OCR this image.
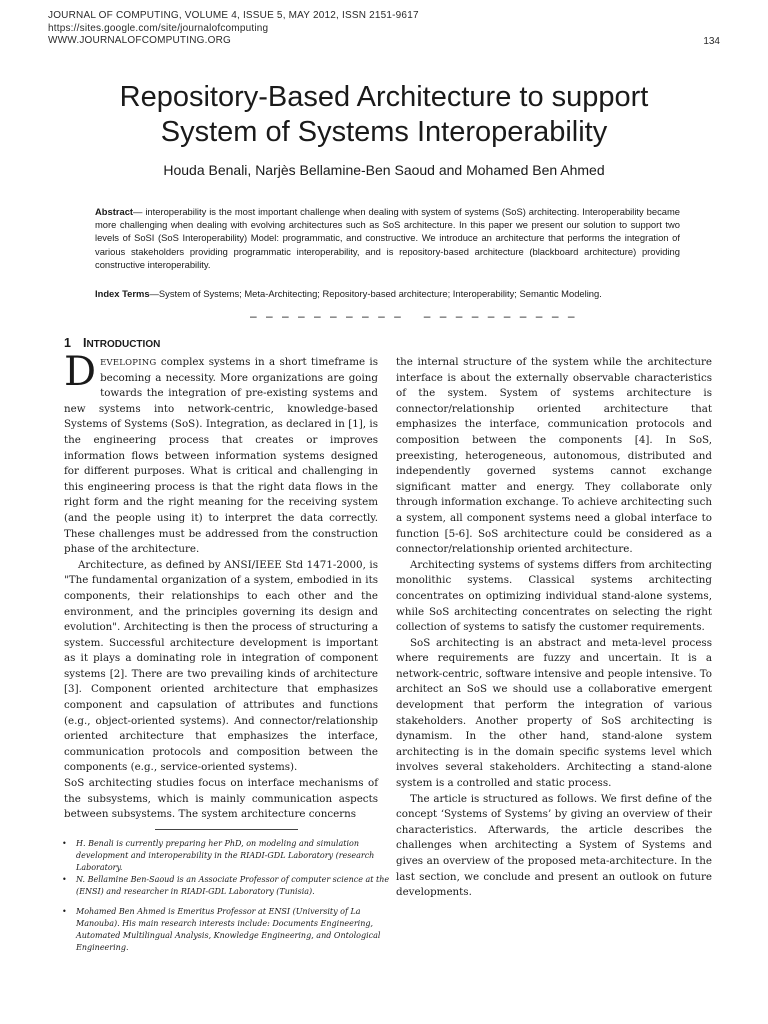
JOURNAL OF COMPUTING, VOLUME 4, ISSUE 5, MAY 2012, ISSN 2151-9617
https://sites.google.com/site/journalofcomputing
WWW.JOURNALOFCOMPUTING.ORG	134
Repository-Based Architecture to support
System of Systems Interoperability
Houda Benali, Narjès Bellamine-Ben Saoud and Mohamed Ben Ahmed
Abstract— interoperability is the most important challenge when dealing with system of systems (SoS) architecting. Interoperability became more challenging when dealing with evolving architectures such as SoS architecture. In this paper we present our solution to support two levels of SoSI (SoS Interoperability) Model: programmatic, and constructive. We introduce an architecture that performs the integration of various stakeholders providing programmatic interoperability, and is repository-based architecture (blackboard architecture) providing constructive interoperability.
Index Terms—System of Systems; Meta-Architecting; Repository-based architecture; Interoperability; Semantic Modeling.
– – – – – – – – – – – – – – – – – – – –
1 INTRODUCTION

DEVELOPING complex systems in a short timeframe is becoming a necessity. More organizations are going towards the integration of pre-existing systems and new systems into network-centric, knowledge-based Systems of Systems (SoS). Integration, as declared in [1], is the engineering process that creates or improves information flows between information systems designed for different purposes. What is critical and challenging in this engineering process is that the right data flows in the right form and the right meaning for the receiving system (and the people using it) to interpret the data correctly. These challenges must be addressed from the construction phase of the architecture.

Architecture, as defined by ANSI/IEEE Std 1471-2000, is "The fundamental organization of a system, embodied in its components, their relationships to each other and the environment, and the principles governing its design and evolution". Architecting is then the process of structuring a system. Successful architecture development is important as it plays a dominating role in integration of component systems [2]. There are two prevailing kinds of architecture [3]. Component oriented architecture that emphasizes component and capsulation of attributes and functions (e.g., object-oriented systems). And connector/relationship oriented architecture that emphasizes the interface, communication protocols and composition between the components (e.g., service-oriented systems).

SoS architecting studies focus on interface mechanisms of the subsystems, which is mainly communication aspects between subsystems. The system architecture concerns

the internal structure of the system while the architecture interface is about the externally observable characteristics of the system. System of systems architecture is connector/relationship oriented architecture that emphasizes the interface, communication protocols and composition between the components [4]. In SoS, preexisting, heterogeneous, autonomous, distributed and independently governed systems cannot exchange significant matter and energy. They collaborate only through information exchange. To achieve architecting such a system, all component systems need a global interface to function [5-6]. SoS architecture could be considered as a connector/relationship oriented architecture.

Architecting systems of systems differs from architecting monolithic systems. Classical systems architecting concentrates on optimizing individual stand-alone systems, while SoS architecting concentrates on selecting the right collection of systems to satisfy the customer requirements.

SoS architecting is an abstract and meta-level process where requirements are fuzzy and uncertain. It is a network-centric, software intensive and people intensive. To architect an SoS we should use a collaborative emergent development that perform the integration of various stakeholders. Another property of SoS architecting is dynamism. In the other hand, stand-alone system architecting is in the domain specific systems level which involves several stakeholders. Architecting a stand-alone system is a controlled and static process.

The article is structured as follows. We first define of the concept ‘Systems of Systems’ by giving an overview of their characteristics. Afterwards, the article describes the challenges when architecting a System of Systems and gives an overview of the proposed meta-architecture. In the last section, we conclude and present an outlook on future developments.

• H. Benali is currently preparing her PhD, on modeling and simulation development and interoperability in the RIADI-GDL Laboratory (research Laboratory.
• N. Bellamine Ben-Saoud is an Associate Professor of computer science at the (ENSI) and researcher in RIADI-GDL Laboratory (Tunisia).
• Mohamed Ben Ahmed is Emeritus Professor at ENSI (University of La Manouba). His main research interests include: Documents Engineering, Automated Multilingual Analysis, Knowledge Engineering, and Ontological Engineering.
